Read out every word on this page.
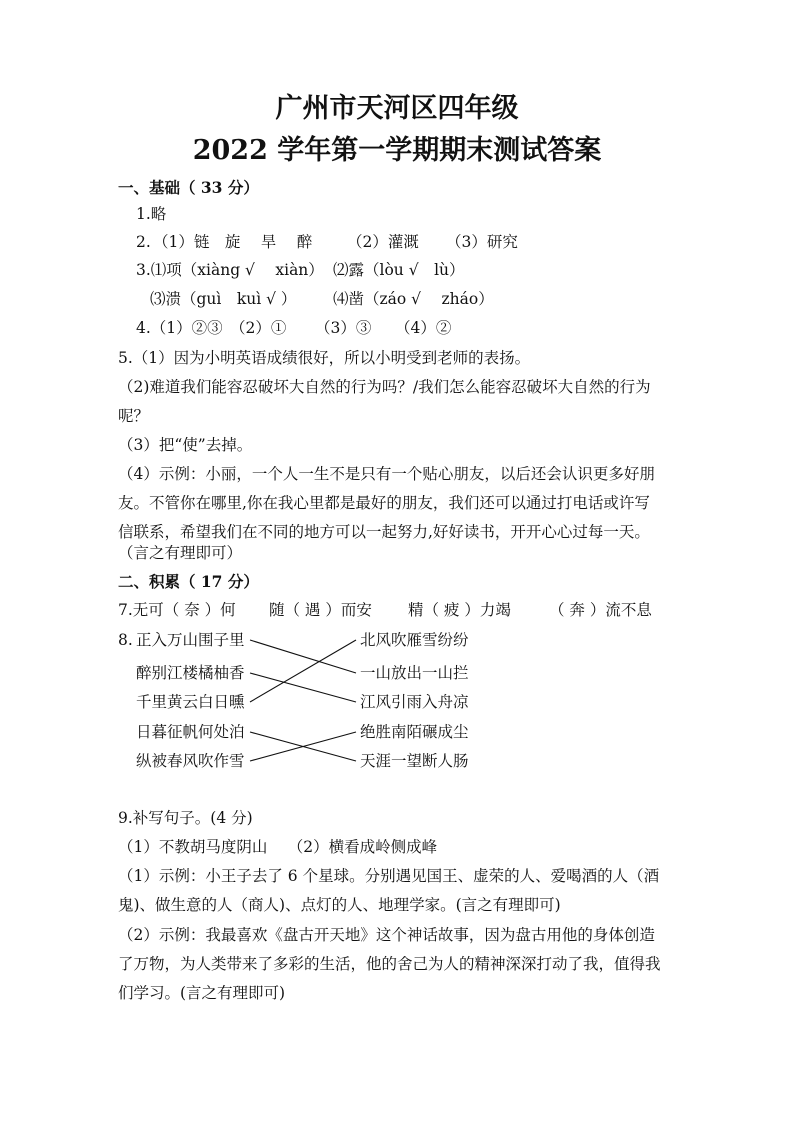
广州市天河区四年级
2022 学年第一学期期末测试答案
一、基础（ 33 分）
1.略
2. （1）链　旋　 旱　 醉 （2）灌溉 （3）研究
3.⑴项（xiàng √　 xiàn） ⑵露（lòu √　lù）
⑶溃（guì　kuì √ ） ⑷凿（záo √　 zháo）
4.（1）②③ （2）① （3）③ （4）②
5.（1）因为小明英语成绩很好，所以小明受到老师的表扬。
（2)难道我们能容忍破坏大自然的行为吗？/我们怎么能容忍破坏大自然的行为
呢？
（3）把“使”去掉。
（4）示例：小丽，一个人一生不是只有一个贴心朋友，以后还会认识更多好朋
友。不管你在哪里,你在我心里都是最好的朋友，我们还可以通过打电话或许写
信联系，希望我们在不同的地方可以一起努力,好好读书，开开心心过每一天。
（言之有理即可）
二、积累（ 17 分）
7.无可（ 奈 ）何 随（ 遇 ）而安 精（ 疲 ）力竭 （ 奔 ）流不息
8. 正入万山围子里
醉别江楼橘柚香
千里黄云白日曛
日暮征帆何处泊
纵被春风吹作雪
北风吹雁雪纷纷
一山放出一山拦
江风引雨入舟凉
绝胜南陌碾成尘
天涯一望断人肠
9.补写句子。(4 分)
（1）不教胡马度阴山　 （2）横看成岭侧成峰
（1）示例：小王子去了 6 个星球。分别遇见国王、虚荣的人、爱喝酒的人（酒
鬼)、做生意的人（商人)、点灯的人、地理学家。(言之有理即可)
（2）示例：我最喜欢《盘古开天地》这个神话故事，因为盘古用他的身体创造
了万物，为人类带来了多彩的生活，他的舍己为人的精神深深打动了我，值得我
们学习。(言之有理即可)
